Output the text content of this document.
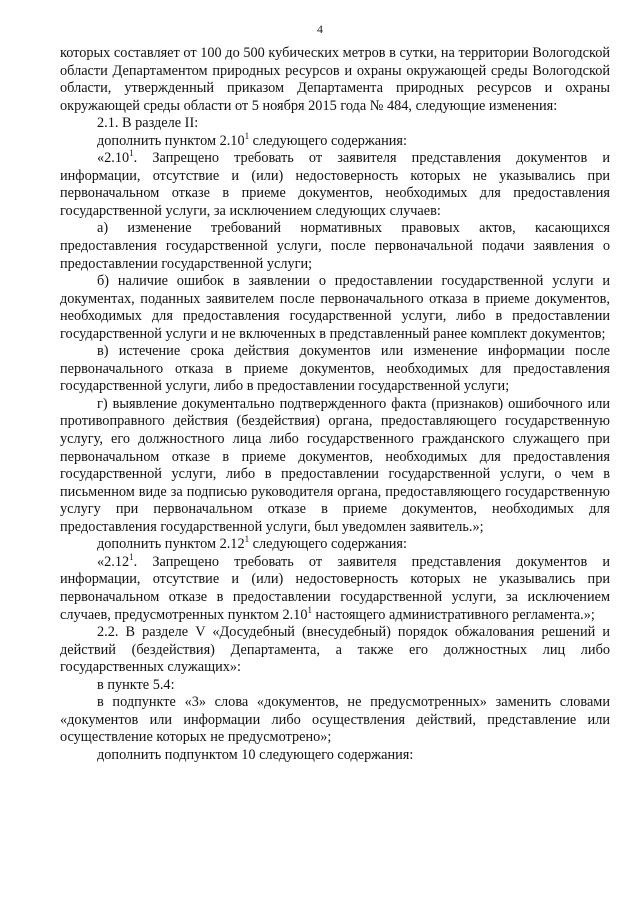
4

которых составляет от 100 до 500 кубических метров в сутки, на территории Вологодской области Департаментом природных ресурсов и охраны окружающей среды Вологодской области, утвержденный приказом Департамента природных ресурсов и охраны окружающей среды области от 5 ноября 2015 года № 484, следующие изменения:

2.1. В разделе II:

дополнить пунктом 2.10$^1$ следующего содержания:

«2.10$^1$. Запрещено требовать от заявителя представления документов и информации, отсутствие и (или) недостоверность которых не указывались при первоначальном отказе в приеме документов, необходимых для предоставления государственной услуги, за исключением следующих случаев:

а) изменение требований нормативных правовых актов, касающихся предоставления государственной услуги, после первоначальной подачи заявления о предоставлении государственной услуги;

б) наличие ошибок в заявлении о предоставлении государственной услуги и документах, поданных заявителем после первоначального отказа в приеме документов, необходимых для предоставления государственной услуги, либо в предоставлении государственной услуги и не включенных в представленный ранее комплект документов;

в) истечение срока действия документов или изменение информации после первоначального отказа в приеме документов, необходимых для предоставления государственной услуги, либо в предоставлении государственной услуги;

г) выявление документально подтвержденного факта (признаков) ошибочного или противоправного действия (бездействия) органа, предоставляющего государственную услугу, его должностного лица либо государственного гражданского служащего при первоначальном отказе в приеме документов, необходимых для предоставления государственной услуги, либо в предоставлении государственной услуги, о чем в письменном виде за подписью руководителя органа, предоставляющего государственную услугу при первоначальном отказе в приеме документов, необходимых для предоставления государственной услуги, был уведомлен заявитель.»;

дополнить пунктом 2.12$^1$ следующего содержания:

«2.12$^1$. Запрещено требовать от заявителя представления документов и информации, отсутствие и (или) недостоверность которых не указывались при первоначальном отказе в предоставлении государственной услуги, за исключением случаев, предусмотренных пунктом 2.10$^1$ настоящего административного регламента.»;

2.2. В разделе V «Досудебный (внесудебный) порядок обжалования решений и действий (бездействия) Департамента, а также его должностных лиц либо государственных служащих»:

в пункте 5.4:

в подпункте «3» слова «документов, не предусмотренных» заменить словами «документов или информации либо осуществления действий, представление или осуществление которых не предусмотрено»;

дополнить подпунктом 10 следующего содержания:
